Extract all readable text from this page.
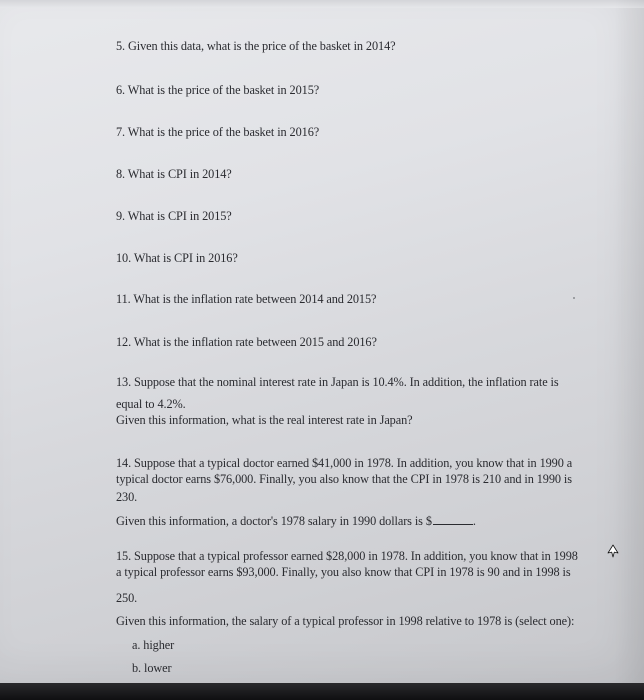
5. Given this data, what is the price of the basket in 2014?
6. What is the price of the basket in 2015?
7. What is the price of the basket in 2016?
8. What is CPI in 2014?
9. What is CPI in 2015?
10. What is CPI in 2016?
11. What is the inflation rate between 2014 and 2015?
12. What is the inflation rate between 2015 and 2016?
13. Suppose that the nominal interest rate in Japan is 10.4%. In addition, the inflation rate is
equal to 4.2%.
Given this information, what is the real interest rate in Japan?
14. Suppose that a typical doctor earned $41,000 in 1978. In addition, you know that in 1990 a
typical doctor earns $76,000. Finally, you also know that the CPI in 1978 is 210 and in 1990 is
230.
Given this information, a doctor's 1978 salary in 1990 dollars is $	.
15. Suppose that a typical professor earned $28,000 in 1978. In addition, you know that in 1998
a typical professor earns $93,000. Finally, you also know that CPI in 1978 is 90 and in 1998 is
250.
Given this information, the salary of a typical professor in 1998 relative to 1978 is (select one):
a. higher
b. lower
